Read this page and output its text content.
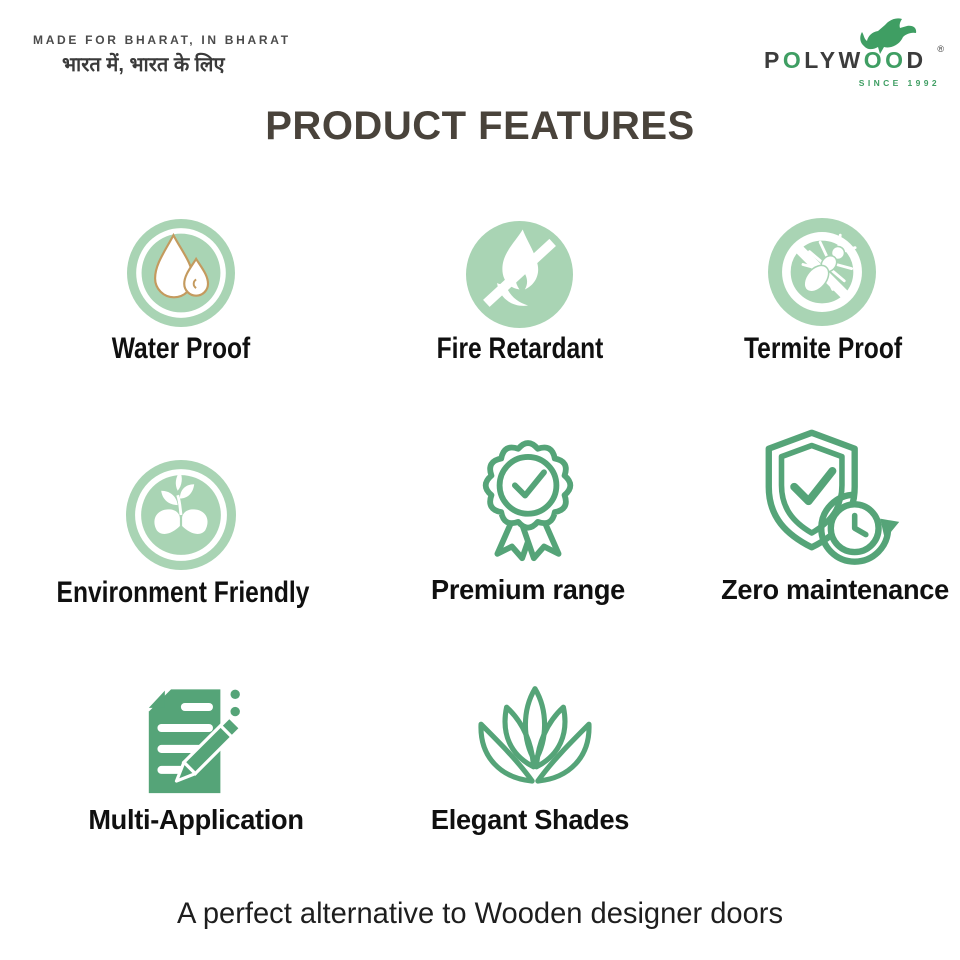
MADE FOR BHARAT, IN BHARAT
भारत में, भारत के लिए	POLYWOOD ®
SINCE 1992
PRODUCT FEATURES
Water Proof	Fire Retardant	Termite Proof
Environment Friendly	Premium range	Zero maintenance
Multi-Application	Elegant Shades
A perfect alternative to Wooden designer doors
